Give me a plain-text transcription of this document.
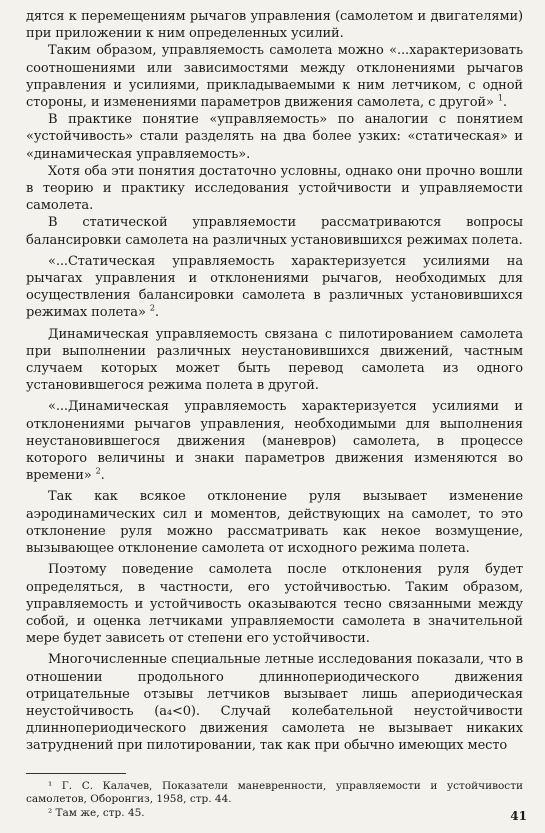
дятся к перемещениям рычагов управления (самолетом и двигателями) при приложении к ним определенных усилий.

Таким образом, управляемость самолета можно «...характеризовать соотношениями или зависимостями между отклонениями рычагов управления и усилиями, прикладываемыми к ним летчиком, с одной стороны, и изменениями параметров движения самолета, с другой» $^1$.

В практике понятие «управляемость» по аналогии с понятием «устойчивость» стали разделять на два более узких: «статическая» и «динамическая управляемость».

Хотя оба эти понятия достаточно условны, однако они прочно вошли в теорию и практику исследования устойчивости и управляемости самолета.

В статической управляемости рассматриваются вопросы балансировки самолета на различных установившихся режимах полета.

«...Статическая управляемость характеризуется усилиями на рычагах управления и отклонениями рычагов, необходимых для осуществления балансировки самолета в различных установившихся режимах полета» $^2$.

Динамическая управляемость связана с пилотированием самолета при выполнении различных неустановившихся движений, частным случаем которых может быть перевод самолета из одного установившегося режима полета в другой.

«...Динамическая управляемость характеризуется усилиями и отклонениями рычагов управления, необходимыми для выполнения неустановившегося движения (маневров) самолета, в процессе которого величины и знаки параметров движения изменяются во времени» $^2$.

Так как всякое отклонение руля вызывает изменение аэродинамических сил и моментов, действующих на самолет, то это отклонение руля можно рассматривать как некое возмущение, вызывающее отклонение самолета от исходного режима полета.

Поэтому поведение самолета после отклонения руля будет определяться, в частности, его устойчивостью. Таким образом, управляемость и устойчивость оказываются тесно связанными между собой, и оценка летчиками управляемости самолета в значительной мере будет зависеть от степени его устойчивости.

Многочисленные специальные летные исследования показали, что в отношении продольного длиннопериодического движения отрицательные отзывы летчиков вызывает лишь апериодическая неустойчивость (a₄<0). Случай колебательной неустойчивости длиннопериодического движения самолета не вызывает никаких затруднений при пилотировании, так как при обычно имеющих место

¹ Г. С. Калачев, Показатели маневренности, управляемости и устойчивости самолетов, Оборонгиз, 1958, стр. 44.

² Там же, стр. 45.	41
